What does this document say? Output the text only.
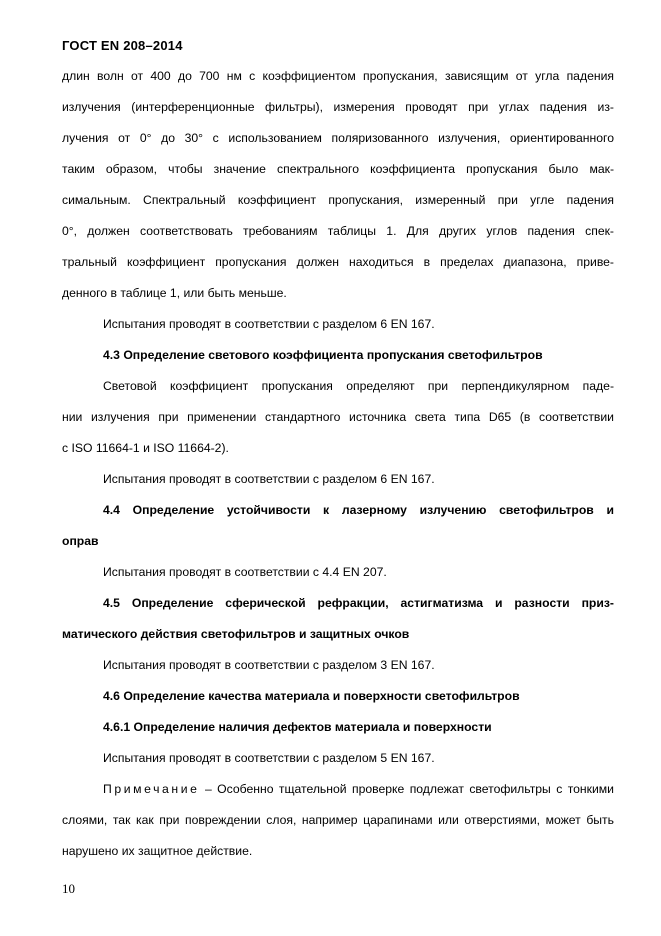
ГОСТ EN 208–2014
длин волн от 400 до 700 нм с коэффициентом пропускания, зависящим от угла падения
излучения (интерференционные фильтры), измерения проводят при углах падения из-
лучения от 0° до 30° с использованием поляризованного излучения, ориентированного
таким образом, чтобы значение спектрального коэффициента пропускания было мак-
симальным. Спектральный коэффициент пропускания, измеренный при угле падения
0°, должен соответствовать требованиям таблицы 1. Для других углов падения спек-
тральный коэффициент пропускания должен находиться в пределах диапазона, приве-
денного в таблице 1, или быть меньше.
Испытания проводят в соответствии с разделом 6 EN 167.
4.3 Определение светового коэффициента пропускания светофильтров
Световой коэффициент пропускания определяют при перпендикулярном паде-
нии излучения при применении стандартного источника света типа D65 (в соответствии
с ISO 11664-1 и ISO 11664-2).
Испытания проводят в соответствии с разделом 6 EN 167.
4.4 Определение устойчивости к лазерному излучению светофильтров и
оправ
Испытания проводят в соответствии с 4.4 EN 207.
4.5 Определение сферической рефракции, астигматизма и разности приз-
матического действия светофильтров и защитных очков
Испытания проводят в соответствии с разделом 3 EN 167.
4.6 Определение качества материала и поверхности светофильтров
4.6.1 Определение наличия дефектов материала и поверхности
Испытания проводят в соответствии с разделом 5 EN 167.
Примечание – Особенно тщательной проверке подлежат светофильтры с тонкими
слоями, так как при повреждении слоя, например царапинами или отверстиями, может быть
нарушено их защитное действие.
10
